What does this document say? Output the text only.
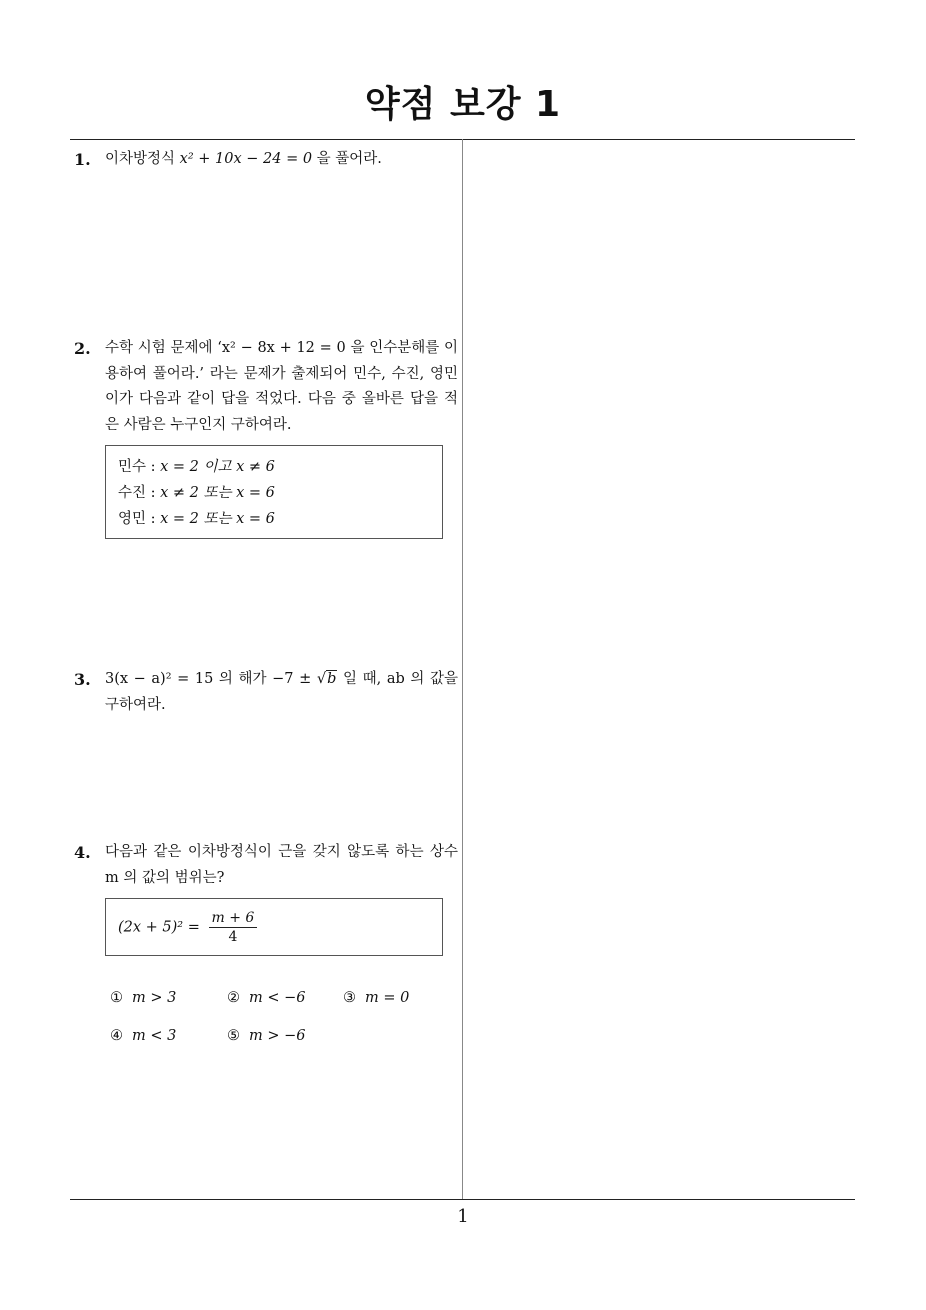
약점 보강 1
1. 이차방정식 x² + 10x − 24 = 0 을 풀어라.
2. 수학 시험 문제에 ‘x² − 8x + 12 = 0 을 인수분해를 이용하여 풀어라.’ 라는 문제가 출제되어 민수, 수진, 영민이가 다음과 같이 답을 적었다. 다음 중 올바른 답을 적은 사람은 누구인지 구하여라.
민수 : x = 2 이고 x ≠ 6
수진 : x ≠ 2 또는 x = 6
영민 : x = 2 또는 x = 6
3. 3(x − a)² = 15 의 해가 −7 ± √b 일 때, ab 의 값을 구하여라.
4. 다음과 같은 이차방정식이 근을 갖지 않도록 하는 상수 m 의 값의 범위는?
$(2x + 5)^2 = \frac{m + 6}{4}$
① m > 3	② m < −6	③ m = 0
④ m < 3	⑤ m > −6
1
